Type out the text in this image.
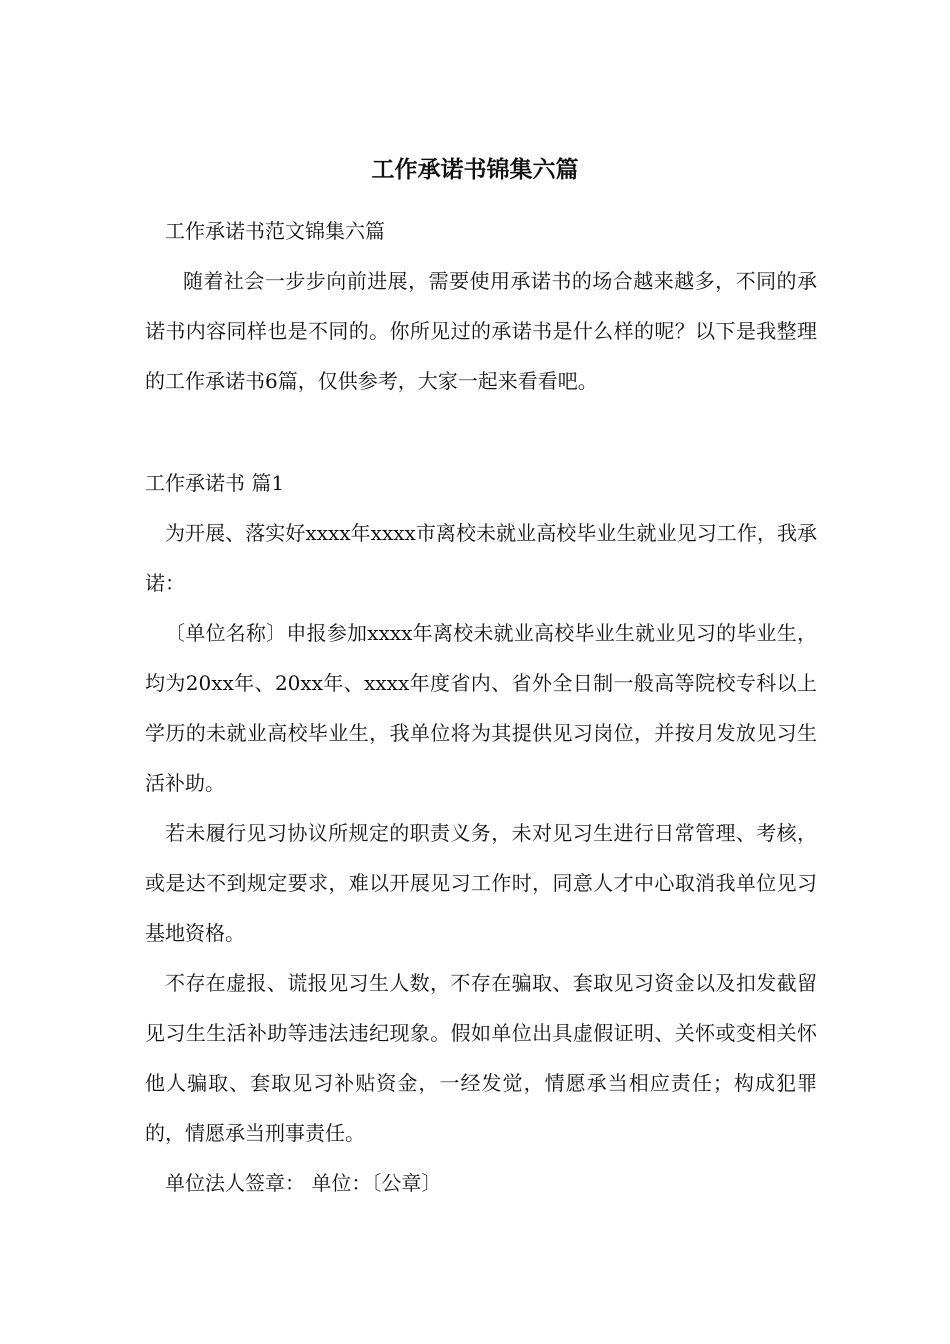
工作承诺书锦集六篇

工作承诺书范文锦集六篇

随着社会一步步向前进展，需要使用承诺书的场合越来越多，不同的承诺书内容同样也是不同的。你所见过的承诺书是什么样的呢？以下是我整理的工作承诺书6篇，仅供参考，大家一起来看看吧。

工作承诺书 篇1

为开展、落实好xxxx年xxxx市离校未就业高校毕业生就业见习工作，我承诺：

〔单位名称〕申报参加xxxx年离校未就业高校毕业生就业见习的毕业生，均为20xx年、20xx年、xxxx年度省内、省外全日制一般高等院校专科以上学历的未就业高校毕业生，我单位将为其提供见习岗位，并按月发放见习生活补助。

若未履行见习协议所规定的职责义务，未对见习生进行日常管理、考核，或是达不到规定要求，难以开展见习工作时，同意人才中心取消我单位见习基地资格。

不存在虚报、谎报见习生人数，不存在骗取、套取见习资金以及扣发截留见习生生活补助等违法违纪现象。假如单位出具虚假证明、关怀或变相关怀他人骗取、套取见习补贴资金，一经发觉，情愿承当相应责任；构成犯罪的，情愿承当刑事责任。

单位法人签章： 单位：〔公章〕
